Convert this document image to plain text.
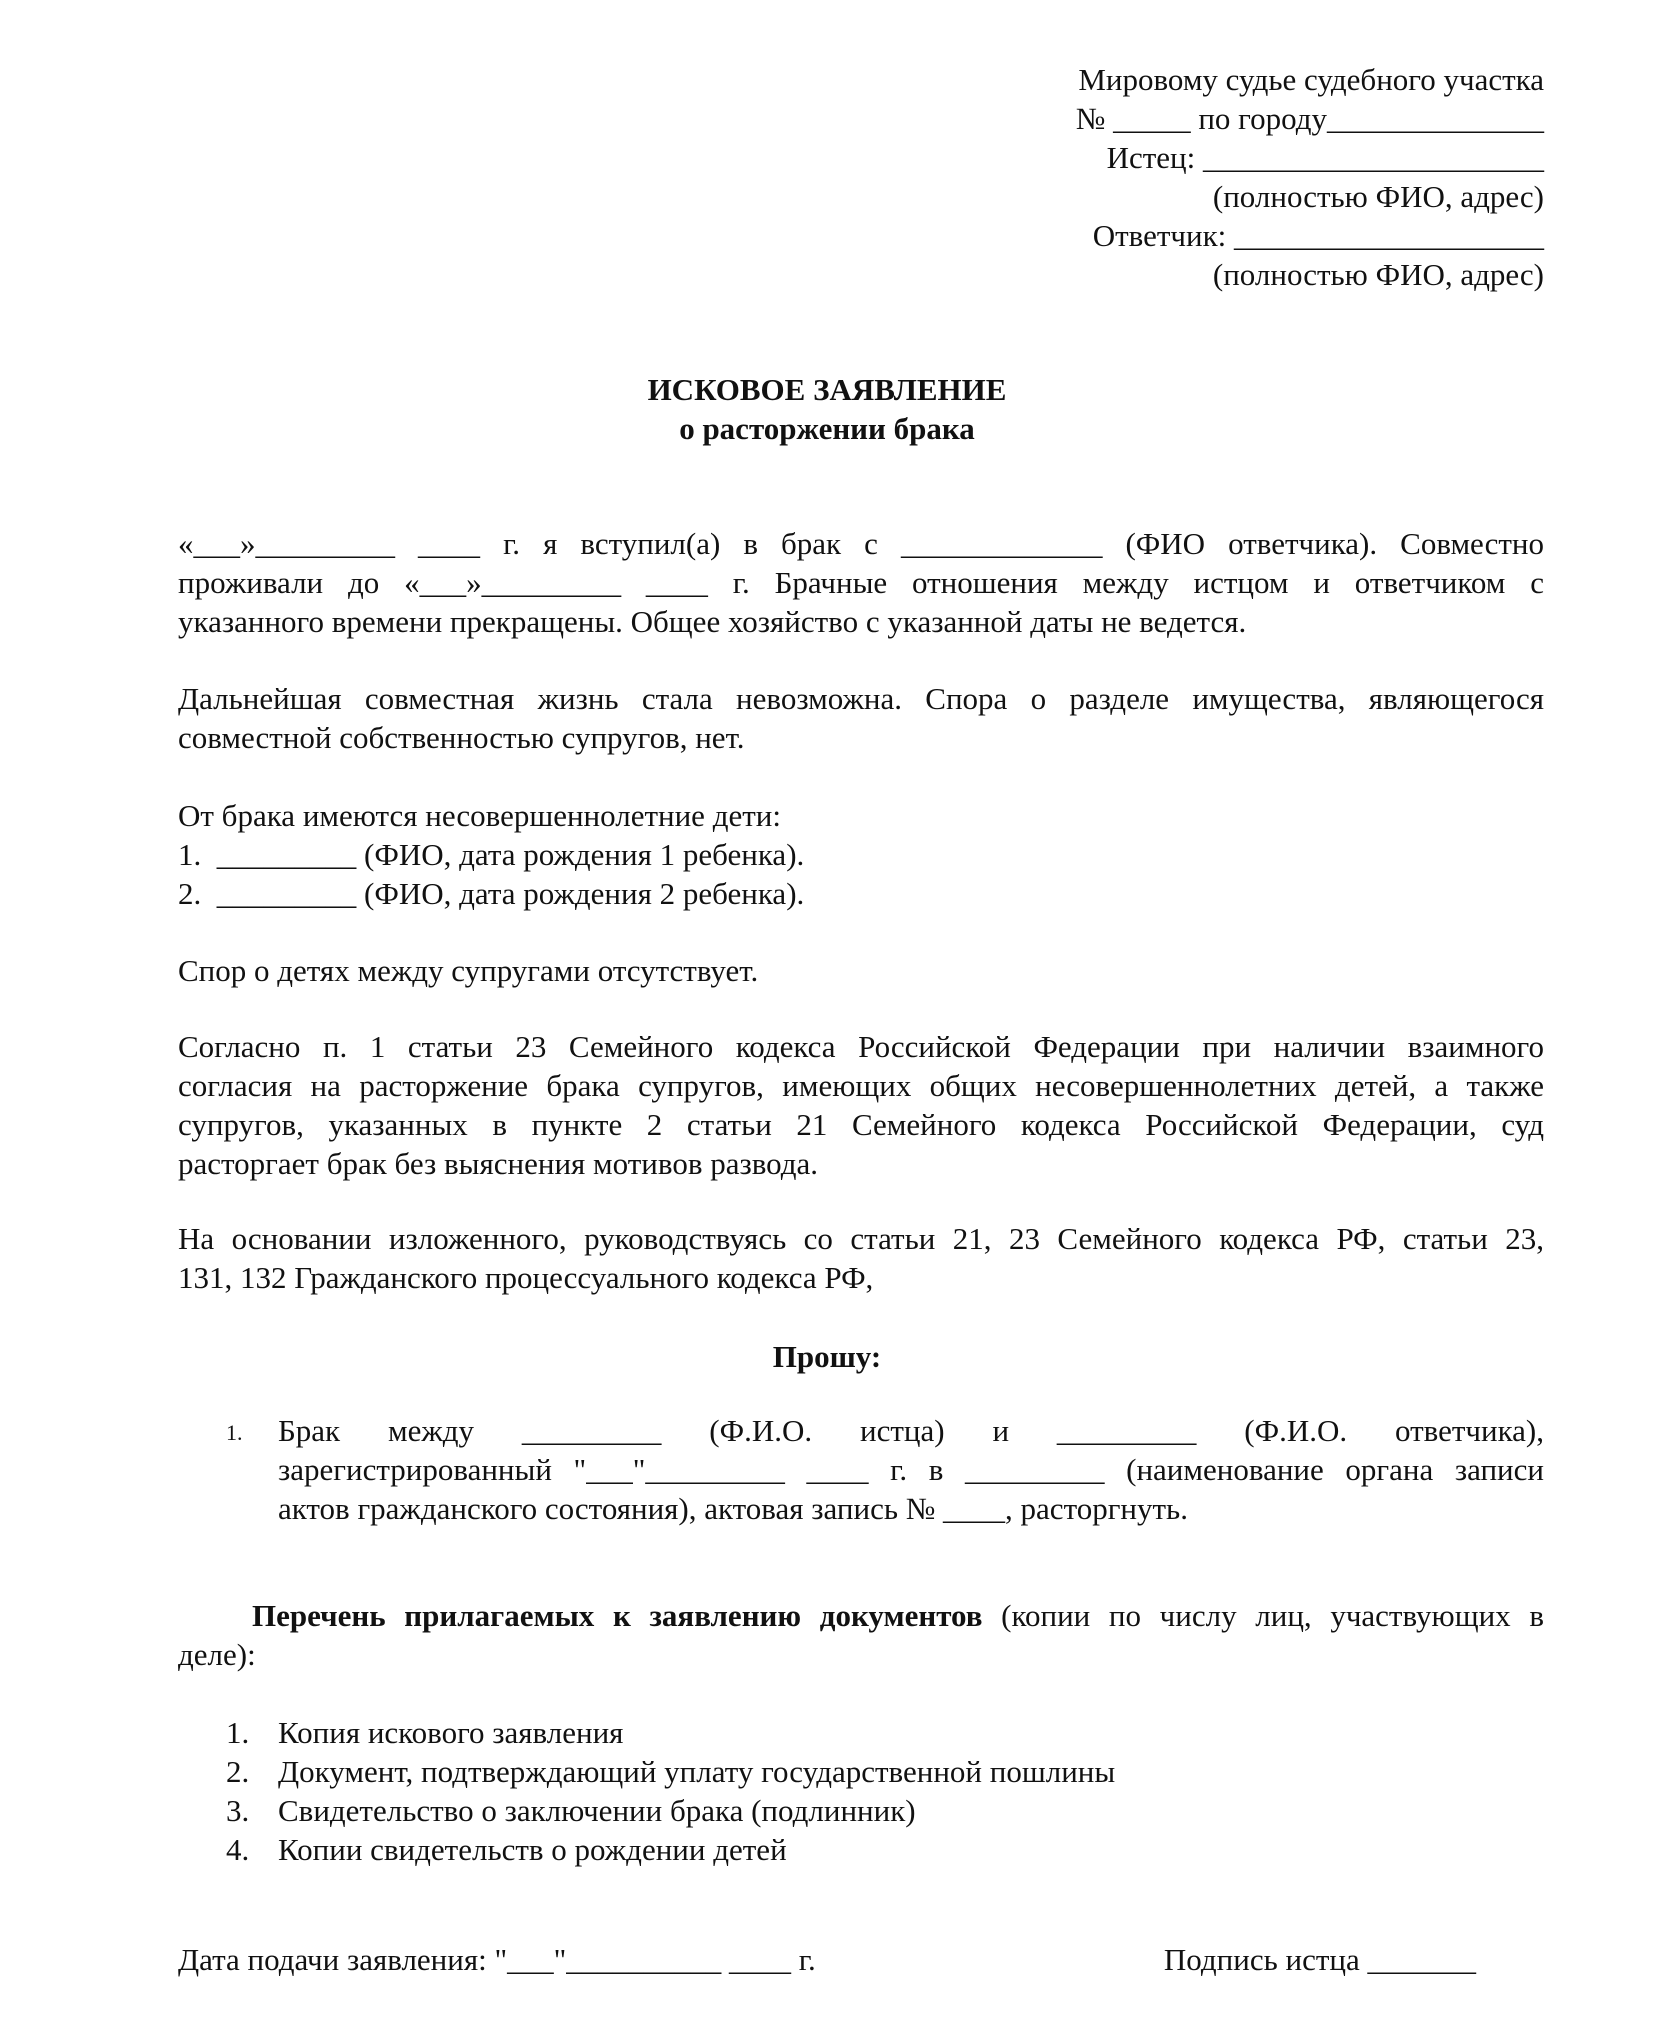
Мировому судье судебного участка
№ _____ по городу______________
Истец: ______________________
(полностью ФИО, адрес)
Ответчик: ____________________
(полностью ФИО, адрес)
ИСКОВОЕ ЗАЯВЛЕНИЕ
о расторжении брака
«___»_________ ____ г. я вступил(а) в брак с _____________ (ФИО ответчика). Совместно
проживали до «___»_________ ____ г. Брачные отношения между истцом и ответчиком с
указанного времени прекращены. Общее хозяйство с указанной даты не ведется.
Дальнейшая совместная жизнь стала невозможна. Спора о разделе имущества, являющегося
совместной собственностью супругов, нет.
От брака имеются несовершеннолетние дети:
1.  _________ (ФИО, дата рождения 1 ребенка).
2.  _________ (ФИО, дата рождения 2 ребенка).
Спор о детях между супругами отсутствует.
Согласно п. 1 статьи 23 Семейного кодекса Российской Федерации при наличии взаимного
согласия на расторжение брака супругов, имеющих общих несовершеннолетних детей, а также
супругов, указанных в пункте 2 статьи 21 Семейного кодекса Российской Федерации, суд
расторгает брак без выяснения мотивов развода.
На основании изложенного, руководствуясь со статьи 21, 23 Семейного кодекса РФ, статьи 23,
131, 132 Гражданского процессуального кодекса РФ,
Прошу:
1. Брак между _________ (Ф.И.О. истца) и _________ (Ф.И.О. ответчика),
зарегистрированный "___"_________ ____ г. в _________ (наименование органа записи
актов гражданского состояния), актовая запись № ____, расторгнуть.
Перечень прилагаемых к заявлению документов (копии по числу лиц, участвующих в
деле):
1. Копия искового заявления
2. Документ, подтверждающий уплату государственной пошлины
3. Свидетельство о заключении брака (подлинник)
4. Копии свидетельств о рождении детей
Дата подачи заявления: "___"__________ ____ г.	Подпись истца _______
